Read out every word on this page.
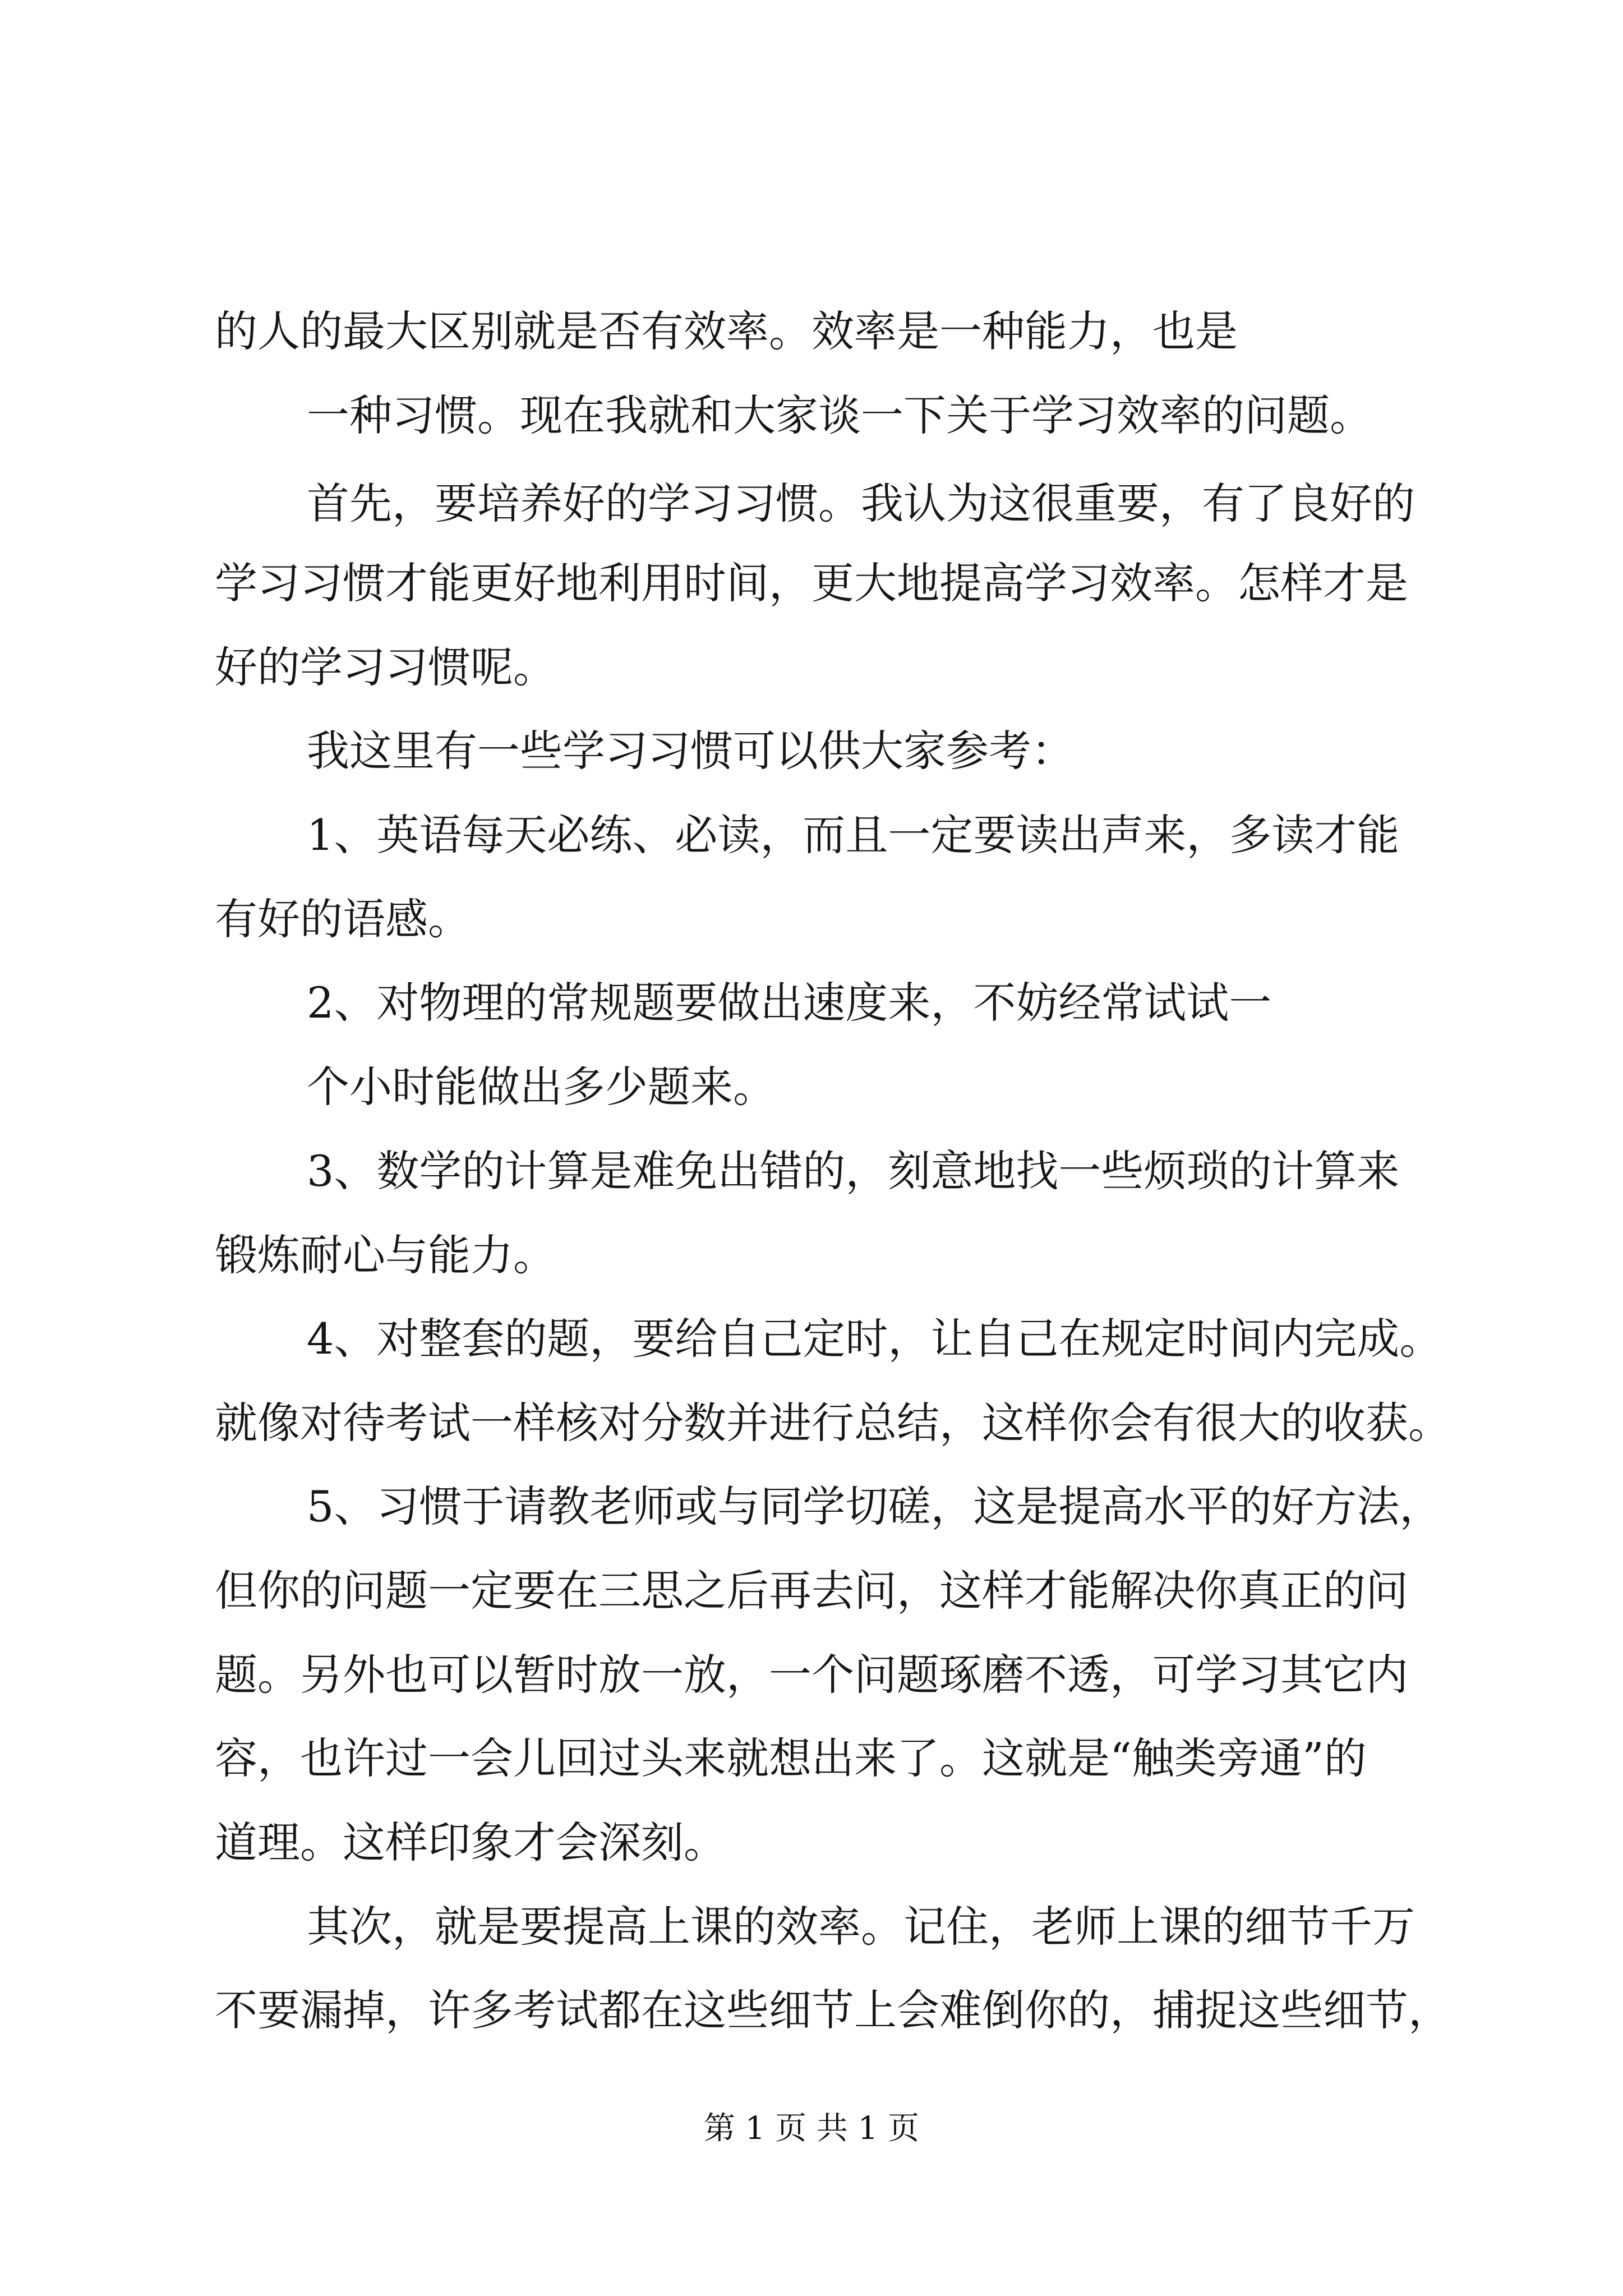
的人的最大区别就是否有效率。效率是一种能力，也是

一种习惯。现在我就和大家谈一下关于学习效率的问题。

首先，要培养好的学习习惯。我认为这很重要，有了良好的

学习习惯才能更好地利用时间，更大地提高学习效率。怎样才是

好的学习习惯呢。

我这里有一些学习习惯可以供大家参考：

1、英语每天必练、必读，而且一定要读出声来，多读才能

有好的语感。

2、对物理的常规题要做出速度来，不妨经常试试一

个小时能做出多少题来。

3、数学的计算是难免出错的，刻意地找一些烦琐的计算来

锻炼耐心与能力。

4、对整套的题，要给自己定时，让自己在规定时间内完成。

就像对待考试一样核对分数并进行总结，这样你会有很大的收获。

5、习惯于请教老师或与同学切磋，这是提高水平的好方法，

但你的问题一定要在三思之后再去问，这样才能解决你真正的问

题。另外也可以暂时放一放，一个问题琢磨不透，可学习其它内

容，也许过一会儿回过头来就想出来了。这就是“触类旁通”的

道理。这样印象才会深刻。

其次，就是要提高上课的效率。记住，老师上课的细节千万

不要漏掉，许多考试都在这些细节上会难倒你的，捕捉这些细节，

第 1 页 共 1 页
